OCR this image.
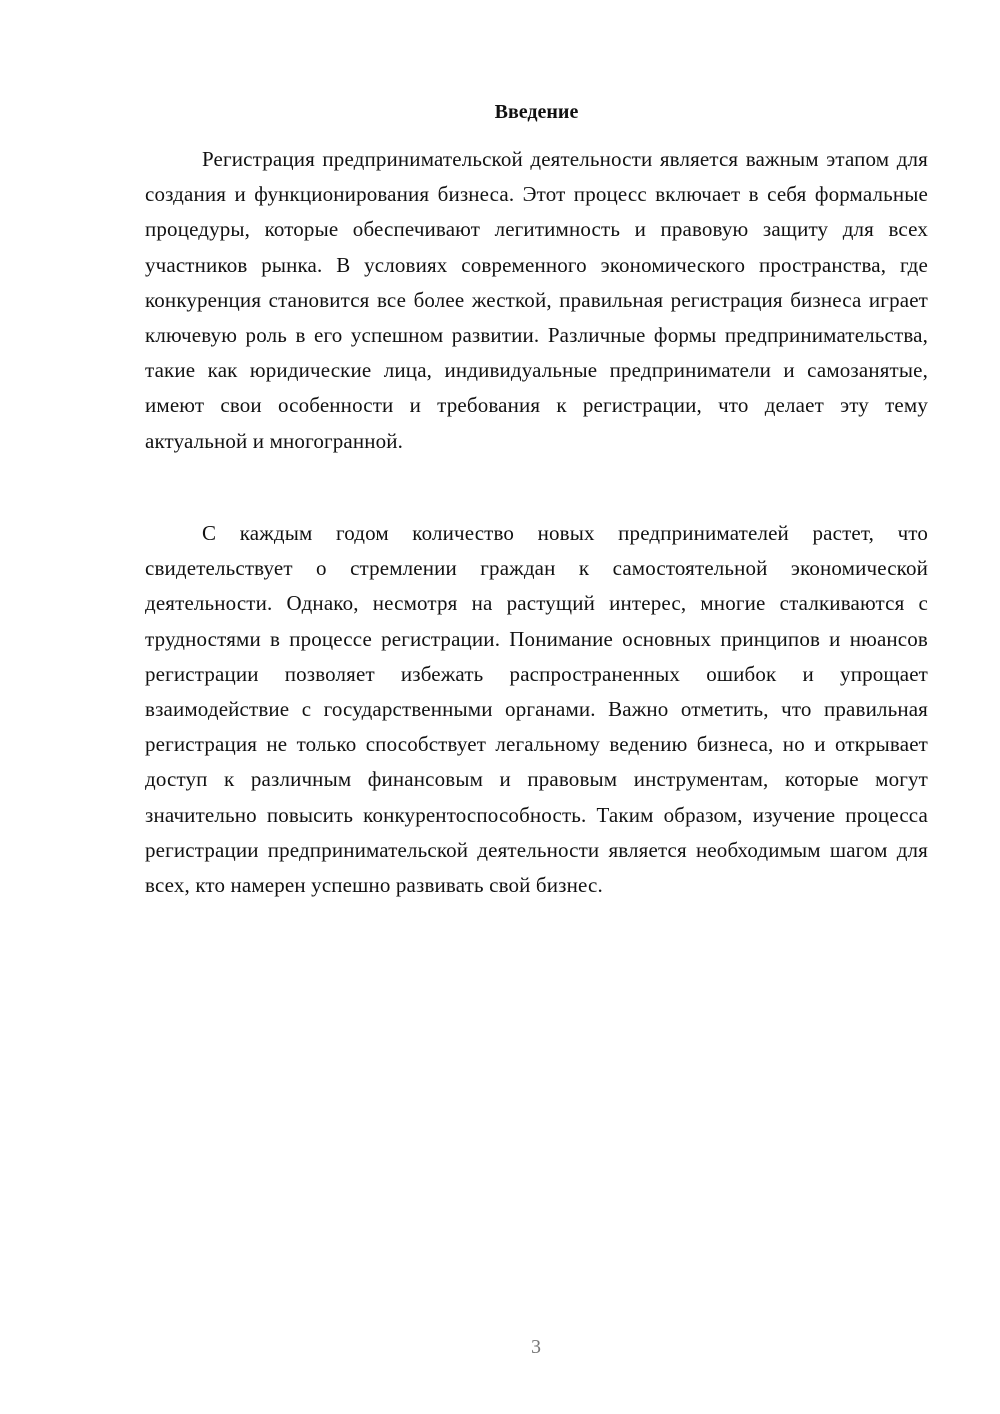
Введение

Регистрация предпринимательской деятельности является важным этапом для создания и функционирования бизнеса. Этот процесс включает в себя формальные процедуры, которые обеспечивают легитимность и правовую защиту для всех участников рынка. В условиях современного экономического пространства, где конкуренция становится все более жесткой, правильная регистрация бизнеса играет ключевую роль в его успешном развитии. Различные формы предпринимательства, такие как юридические лица, индивидуальные предприниматели и самозанятые, имеют свои особенности и требования к регистрации, что делает эту тему актуальной и многогранной.

С каждым годом количество новых предпринимателей растет, что свидетельствует о стремлении граждан к самостоятельной экономической деятельности. Однако, несмотря на растущий интерес, многие сталкиваются с трудностями в процессе регистрации. Понимание основных принципов и нюансов регистрации позволяет избежать распространенных ошибок и упрощает взаимодействие с государственными органами. Важно отметить, что правильная регистрация не только способствует легальному ведению бизнеса, но и открывает доступ к различным финансовым и правовым инструментам, которые могут значительно повысить конкурентоспособность. Таким образом, изучение процесса регистрации предпринимательской деятельности является необходимым шагом для всех, кто намерен успешно развивать свой бизнес.

3
